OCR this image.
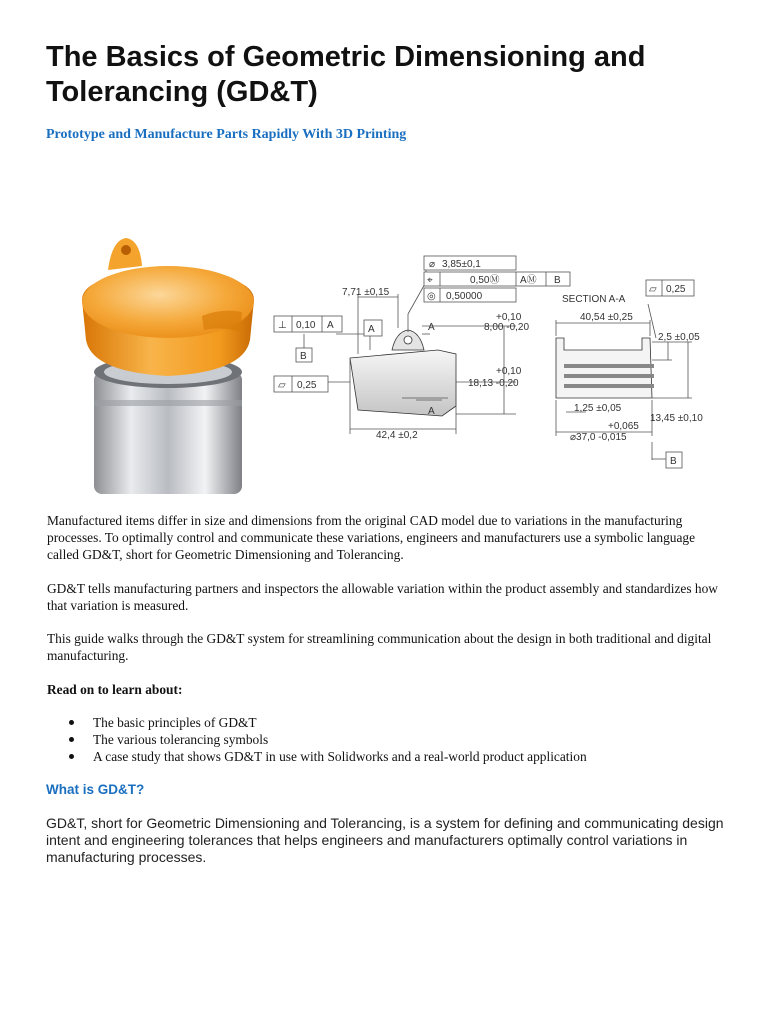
The Basics of Geometric Dimensioning and Tolerancing (GD&T)
Prototype and Manufacture Parts Rapidly With 3D Printing
7,71 ±0,15
42,4 ±0,2
+0,10
8,00 -0,20
+0,10
18,13 -0,20
⌀ 3,85±0,1
⌖	0,50Ⓜ AⓂ B
◎ 0,50000
⊥ 0,10 A
B
▱ 0,25
A	A
A
SECTION A-A
40,54 ±0,25
2,5 ±0,05
1,25 ±0,05
13,45 ±0,10
+0,065
⌀37,0 -0,015
▱ 0,25
B

Manufactured items differ in size and dimensions from the original CAD model due to variations in the manufacturing processes. To optimally control and communicate these variations, engineers and manufacturers use a symbolic language called GD&T, short for Geometric Dimensioning and Tolerancing.

GD&T tells manufacturing partners and inspectors the allowable variation within the product assembly and standardizes how that variation is measured.

This guide walks through the GD&T system for streamlining communication about the design in both traditional and digital manufacturing.

Read on to learn about:

The basic principles of GD&T
The various tolerancing symbols
A case study that shows GD&T in use with Solidworks and a real-world product application
What is GD&T?

GD&T, short for Geometric Dimensioning and Tolerancing, is a system for defining and communicating design intent and engineering tolerances that helps engineers and manufacturers optimally control variations in manufacturing processes.
